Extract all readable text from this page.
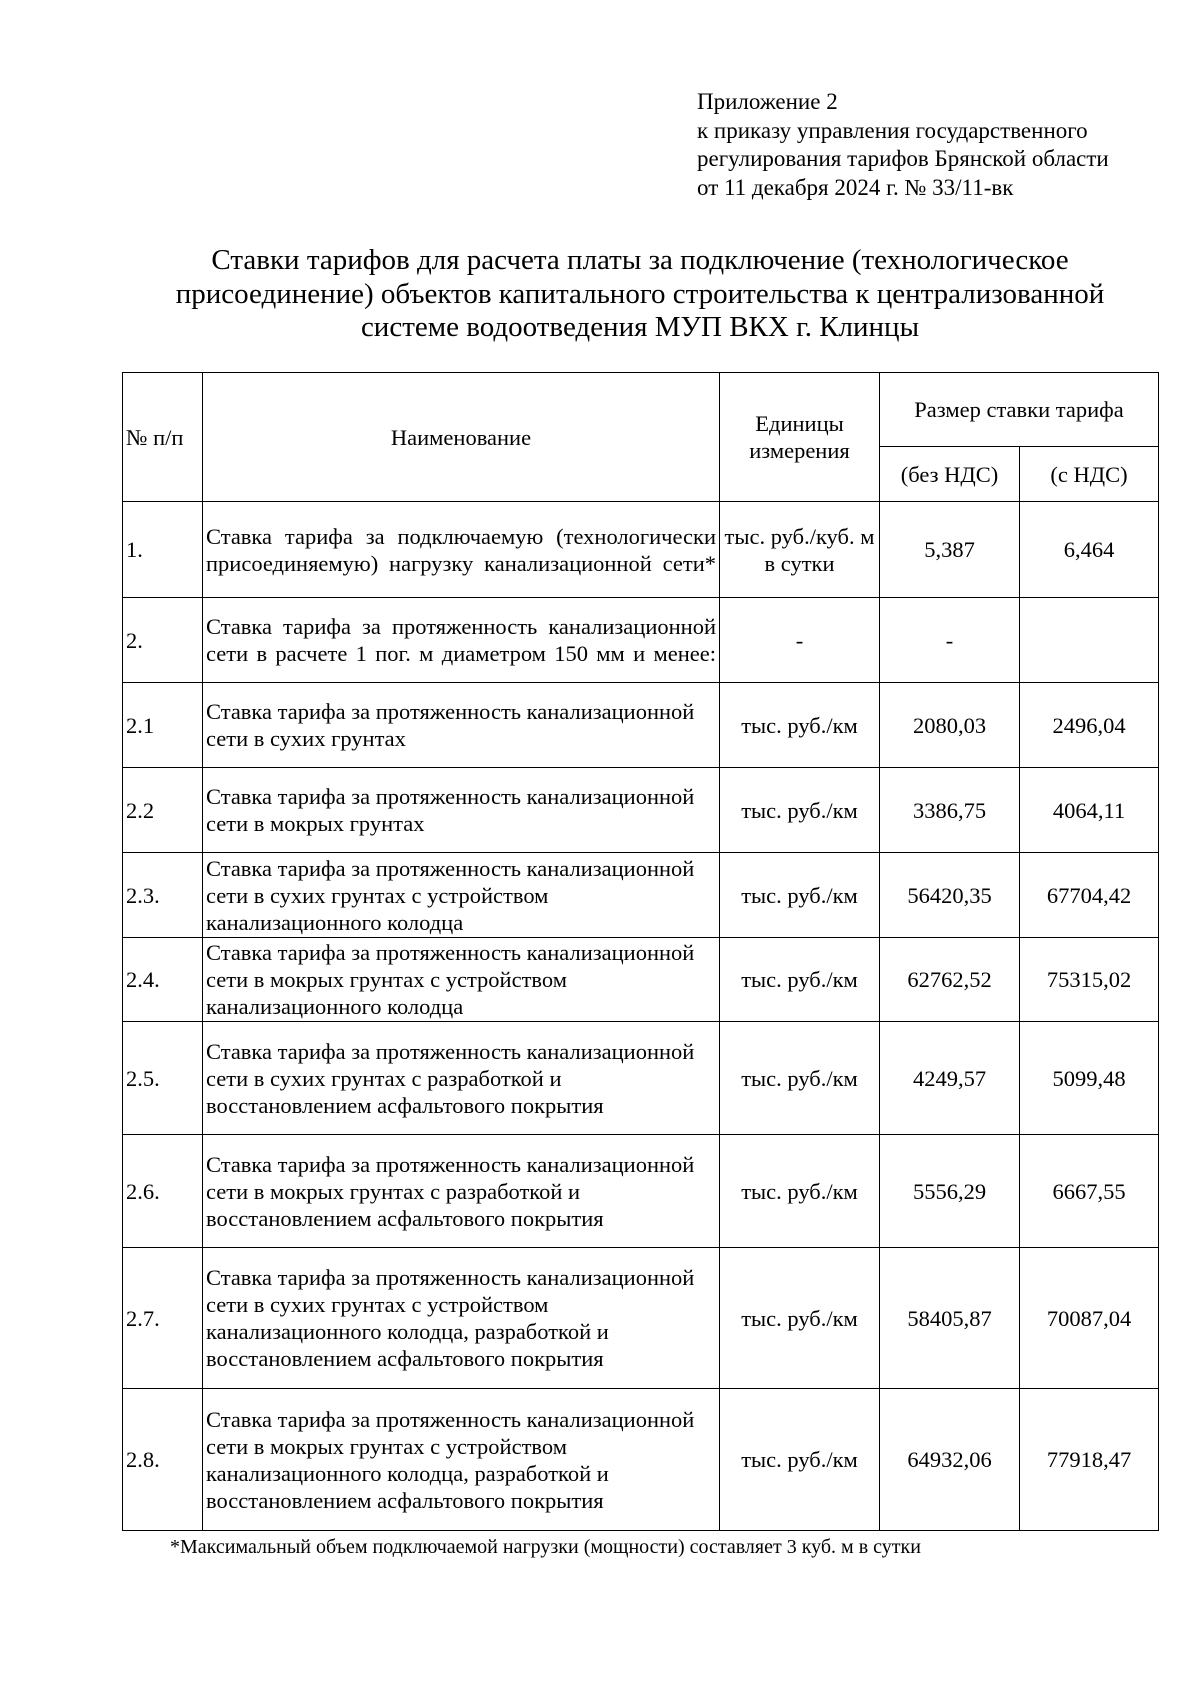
Приложение 2
к приказу управления государственного
регулирования тарифов Брянской области
от 11 декабря 2024 г. № 33/11-вк
Ставки тарифов для расчета платы за подключение (технологическое
присоединение) объектов капитального строительства к централизованной
системе водоотведения МУП ВКХ г. Клинцы
№ п/п	Наименование	Единицы измерения	Размер ставки тарифа	
			(без НДС)	(с НДС)
1.	Ставка тарифа за подключаемую (технологически присоединяемую) нагрузку канализационной сети*	тыс. руб./куб. м в сутки	5,387	6,464
2.	Ставка тарифа за протяженность канализационной сети в расчете 1 пог. м диаметром 150 мм и менее:	-	-	
2.1	Ставка тарифа за протяженность канализационной сети в сухих грунтах	тыс. руб./км	2080,03	2496,04
2.2	Ставка тарифа за протяженность канализационной сети в мокрых грунтах	тыс. руб./км	3386,75	4064,11
2.3.	Ставка тарифа за протяженность канализационной сети в сухих грунтах с устройством канализационного колодца	тыс. руб./км	56420,35	67704,42
2.4.	Ставка тарифа за протяженность канализационной сети в мокрых грунтах с устройством канализационного колодца	тыс. руб./км	62762,52	75315,02
2.5.	Ставка тарифа за протяженность канализационной сети в сухих грунтах с разработкой и восстановлением асфальтового покрытия	тыс. руб./км	4249,57	5099,48
2.6.	Ставка тарифа за протяженность канализационной сети в мокрых грунтах с разработкой и восстановлением асфальтового покрытия	тыс. руб./км	5556,29	6667,55
2.7.	Ставка тарифа за протяженность канализационной сети в сухих грунтах с устройством канализационного колодца, разработкой и восстановлением асфальтового покрытия	тыс. руб./км	58405,87	70087,04
2.8.	Ставка тарифа за протяженность канализационной сети в мокрых грунтах с устройством канализационного колодца, разработкой и восстановлением асфальтового покрытия	тыс. руб./км	64932,06	77918,47
*Максимальный объем подключаемой нагрузки (мощности) составляет 3 куб. м в сутки
